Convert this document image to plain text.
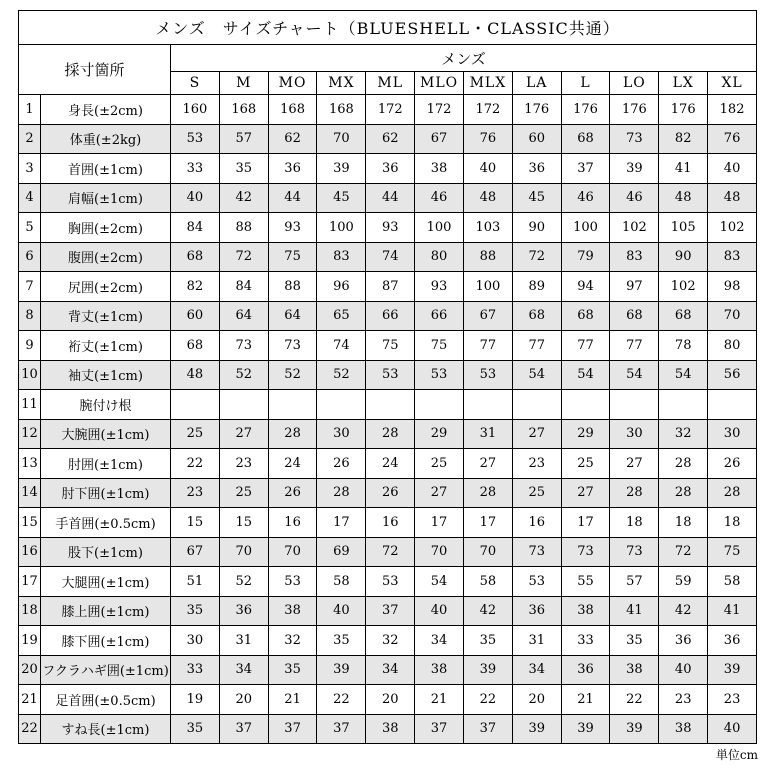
メンズ　サイズチャート（BLUESHELL・CLASSIC共通）													
採寸箇所		メンズ											
		S	M	MO	MX	ML	MLO	MLX	LA	L	LO	LX	XL
1	身長(±2cm)	160	168	168	168	172	172	172	176	176	176	176	182
2	体重(±2kg)	53	57	62	70	62	67	76	60	68	73	82	76
3	首囲(±1cm)	33	35	36	39	36	38	40	36	37	39	41	40
4	肩幅(±1cm)	40	42	44	45	44	46	48	45	46	46	48	48
5	胸囲(±2cm)	84	88	93	100	93	100	103	90	100	102	105	102
6	腹囲(±2cm)	68	72	75	83	74	80	88	72	79	83	90	83
7	尻囲(±2cm)	82	84	88	96	87	93	100	89	94	97	102	98
8	背丈(±1cm)	60	64	64	65	66	66	67	68	68	68	68	70
9	裄丈(±1cm)	68	73	73	74	75	75	77	77	77	77	78	80
10	袖丈(±1cm)	48	52	52	52	53	53	53	54	54	54	54	56
11	腕付け根												
12	大腕囲(±1cm)	25	27	28	30	28	29	31	27	29	30	32	30
13	肘囲(±1cm)	22	23	24	26	24	25	27	23	25	27	28	26
14	肘下囲(±1cm)	23	25	26	28	26	27	28	25	27	28	28	28
15	手首囲(±0.5cm)	15	15	16	17	16	17	17	16	17	18	18	18
16	股下(±1cm)	67	70	70	69	72	70	70	73	73	73	72	75
17	大腿囲(±1cm)	51	52	53	58	53	54	58	53	55	57	59	58
18	膝上囲(±1cm)	35	36	38	40	37	40	42	36	38	41	42	41
19	膝下囲(±1cm)	30	31	32	35	32	34	35	31	33	35	36	36
20	フクラハギ囲(±1cm)	33	34	35	39	34	38	39	34	36	38	40	39
21	足首囲(±0.5cm)	19	20	21	22	20	21	22	20	21	22	23	23
22	すね長(±1cm)	35	37	37	37	38	37	37	39	39	39	38	40
単位cm
